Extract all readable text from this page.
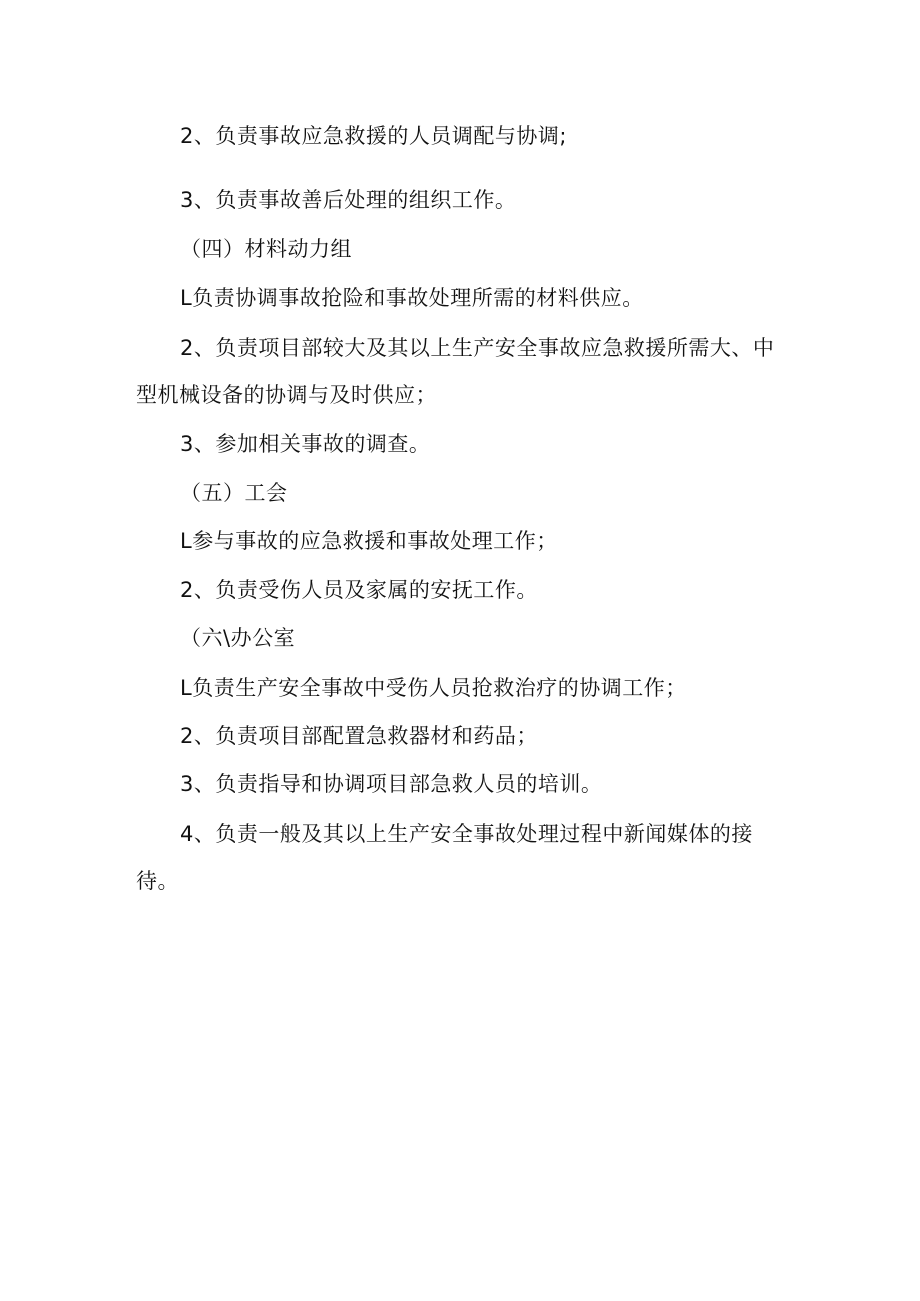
2、负责事故应急救援的人员调配与协调;
3、负责事故善后处理的组织工作。
（四）材料动力组
L负责协调事故抢险和事故处理所需的材料供应。
2、负责项目部较大及其以上生产安全事故应急救援所需大、中
型机械设备的协调与及时供应；
3、参加相关事故的调查。
（五）工会
L参与事故的应急救援和事故处理工作；
2、负责受伤人员及家属的安抚工作。
（六\办公室
L负责生产安全事故中受伤人员抢救治疗的协调工作；
2、负责项目部配置急救器材和药品；
3、负责指导和协调项目部急救人员的培训。
4、负责一般及其以上生产安全事故处理过程中新闻媒体的接
待。
